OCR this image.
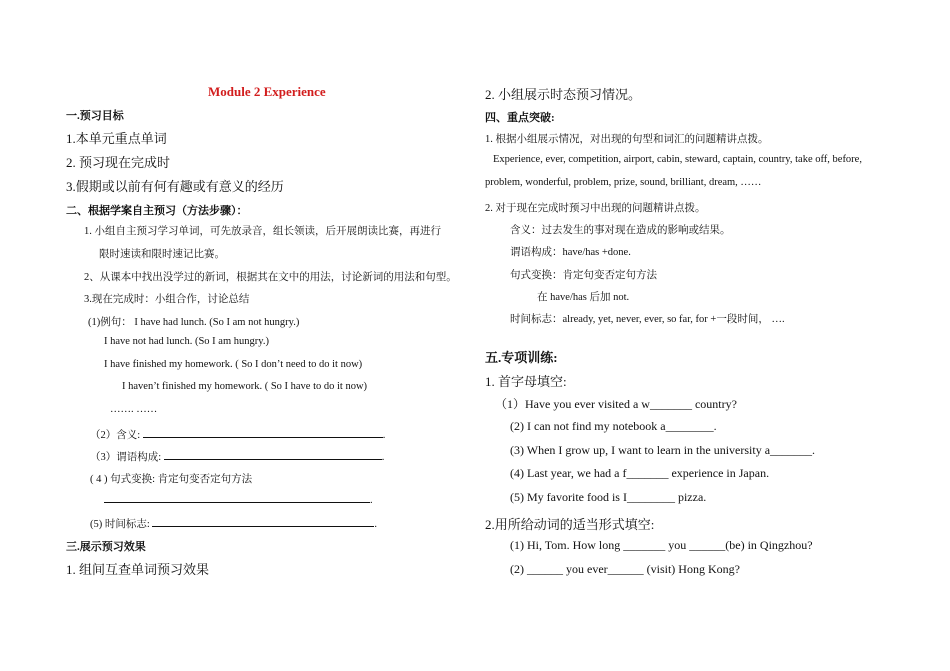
Module 2 Experience
一.预习目标
1.本单元重点单词
2. 预习现在完成时
3.假期或以前有何有趣或有意义的经历
二、根据学案自主预习（方法步骤）：
1. 小组自主预习学习单词，可先放录音，组长领读，后开展朗读比赛，再进行
限时速读和限时速记比赛。
2、从课本中找出没学过的新词，根据其在文中的用法，讨论新词的用法和句型。
3.现在完成时：小组合作，讨论总结
(1)例句： I have had lunch. (So I am not hungry.)
I have not had lunch. (So I am hungry.)
I have finished my homework. ( So I don’t need to do it now)
I haven’t finished my homework. ( So I have to do it now)
……. ……
（2）含义:	.
（3）谓语构成:	.
( 4 ) 句式变换: 肯定句变否定句方法
.
(5) 时间标志:	.
三.展示预习效果
1. 组间互查单词预习效果
2. 小组展示时态预习情况。
四、重点突破:
1. 根据小组展示情况，对出现的句型和词汇的问题精讲点拨。
Experience, ever, competition, airport, cabin, steward, captain, country, take off, before,
problem, wonderful, problem, prize, sound, brilliant, dream, ……
2. 对于现在完成时预习中出现的问题精讲点拨。
含义：过去发生的事对现在造成的影响或结果。
谓语构成：have/has +done.
句式变换：肯定句变否定句方法
在 have/has 后加 not.
时间标志：already, yet, never, ever, so far, for +一段时间， ….
五.专项训练:
1. 首字母填空:
（1）Have you ever visited a w_______ country?
(2) I can not find my notebook a________.
(3) When I grow up, I want to learn in the university a_______.
(4) Last year, we had a f_______ experience in Japan.
(5) My favorite food is I________ pizza.
2.用所给动词的适当形式填空:
(1) Hi, Tom. How long _______ you ______(be) in Qingzhou?
(2) ______ you ever______ (visit) Hong Kong?
